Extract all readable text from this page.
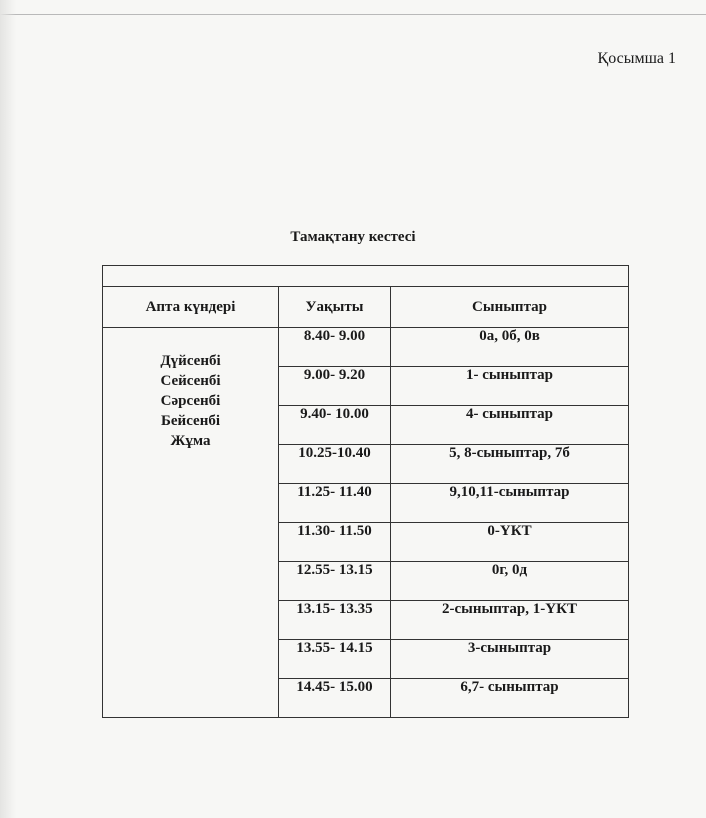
Қосымша 1
Тамақтану кестесі

Апта күндері	Уақыты	Сыныптар

Дүйсенбі
Сейсенбі
Сәрсенбі
Бейсенбі
Жұма	8.40- 9.00	0а, 0б, 0в
	9.00- 9.20	1- сыныптар
	9.40- 10.00	4- сыныптар
	10.25-10.40	5, 8-сыныптар, 7б
	11.25- 11.40	9,10,11-сыныптар
	11.30- 11.50	0-ҮКТ
	12.55- 13.15	0г, 0д
	13.15- 13.35	2-сыныптар, 1-ҮКТ
	13.55- 14.15	3-сыныптар
	14.45- 15.00	6,7- сыныптар
